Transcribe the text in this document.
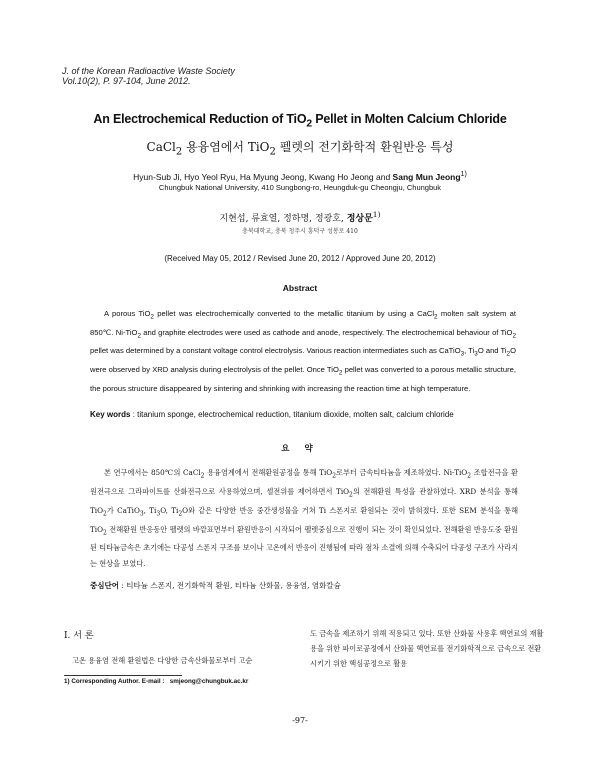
J. of the Korean Radioactive Waste Society
Vol.10(2), P. 97-104, June 2012.
An Electrochemical Reduction of TiO$_2$ Pellet in Molten Calcium Chloride
CaCl$_2$ 용융염에서 TiO$_2$ 펠렛의 전기화학적 환원반응 특성
Hyun-Sub Ji, Hyo Yeol Ryu, Ha Myung Jeong, Kwang Ho Jeong and Sang Mun Jeong$^{1)}$
Chungbuk National University, 410 Sungbong-ro, Heungduk-gu Cheongju, Chungbuk
지현섭, 류효열, 정하명, 정광호, 정상문$^{1)}$
충북대학교, 충북 청주시 흥덕구 성봉로 410
(Received May 05, 2012 / Revised June 20, 2012 / Approved June 20, 2012)
Abstract
A porous TiO$_2$ pellet was electrochemically converted to the metallic titanium by using a CaCl$_2$ molten salt system at 850℃. Ni-TiO$_2$ and graphite electrodes were used as cathode and anode, respectively. The electrochemical behaviour of TiO$_2$ pellet was determined by a constant voltage control electrolysis. Various reaction intermediates such as CaTiO$_3$, $Ti_3O$ and $Ti_2O$ were observed by XRD analysis during electrolysis of the pellet. Once TiO$_2$ pellet was converted to a porous metallic structure, the porous structure disappeared by sintering and shrinking with increasing the reaction time at high temperature.
Key words : titanium sponge, electrochemical reduction, titanium dioxide, molten salt, calcium chloride
요 약
본 연구에서는 850℃의 CaCl$_2$ 용융염계에서 전해환원공정을 통해 TiO$_2$로부터 금속티타늄을 제조하였다. Ni-TiO$_2$ 조합전극을 환원전극으로 그라파이트를 산화전극으로 사용하였으며, 셀전위를 제어하면서 TiO$_2$의 전해환원 특성을 관찰하였다. XRD 분석을 통해 TiO$_2$가 CaTiO$_3$, $Ti_3O$, $Ti_2O$와 같은 다양한 반응 중간생성물을 거쳐 Ti 스폰지로 환원되는 것이 밝혀졌다. 또한 SEM 분석을 통해 TiO$_2$ 전해환원 반응동안 펠렛의 바깥표면부터 환원반응이 시작되어 펠렛중심으로 진행이 되는 것이 확인되었다. 전해환원 반응도중 환원된 티타늄금속은 초기에는 다공성 스폰지 구조를 보이나 고온에서 반응이 진행됨에 따라 점차 소결에 의해 수축되어 다공성 구조가 사라지는 현상을 보였다.
중심단어 : 티타늄 스폰지, 전기화학적 환원, 티타늄 산화물, 용융염, 염화칼슘
I. 서 론
고온 용융염 전해 환원법은 다양한 금속산화물로부터 고순
도 금속을 제조하기 위해 적용되고 있다. 또한 산화물 사용후 핵연료의 재활용을 위한 파이로공정에서 산화물 핵연료를 전기화학적으로 금속으로 전환시키기 위한 핵심공정으로 활용
1) Corresponding Author. E-mail : smjeong@chungbuk.ac.kr
-97-
